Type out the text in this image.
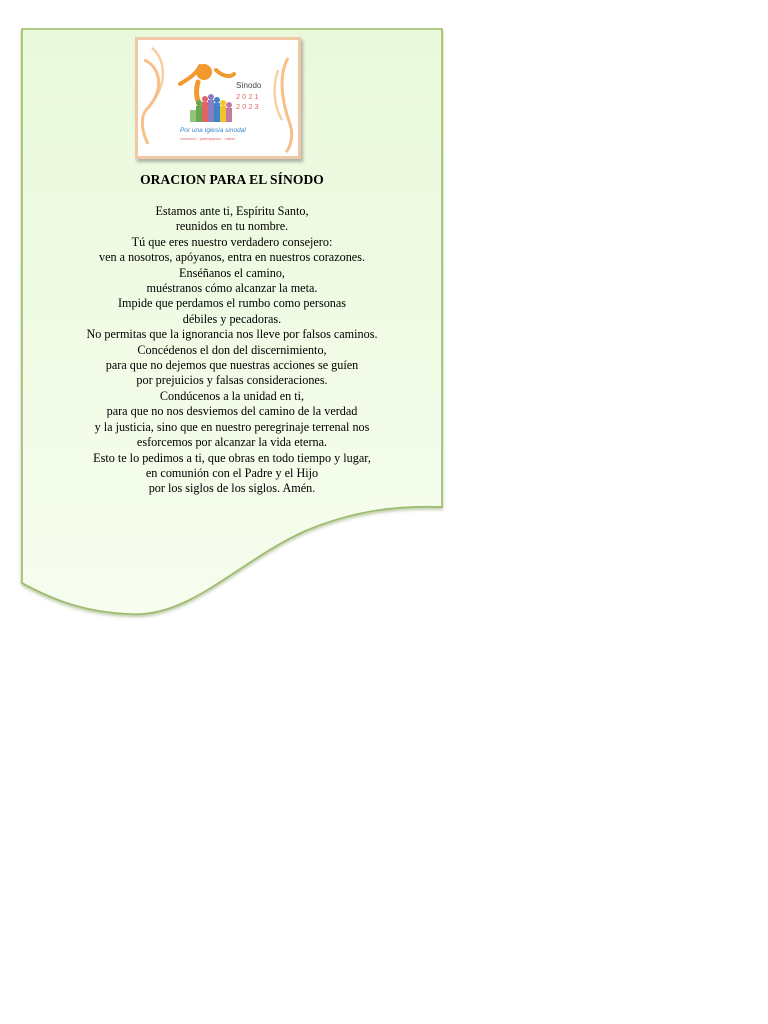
Sínodo
2021
2023
Por una Iglesia sinodal
comunión · participación · misión
ORACION PARA EL SÍNODO
Estamos ante ti, Espíritu Santo,
reunidos en tu nombre.
Tú que eres nuestro verdadero consejero:
ven a nosotros, apóyanos, entra en nuestros corazones.
Enséñanos el camino,
muéstranos cómo alcanzar la meta.
Impide que perdamos el rumbo como personas
débiles y pecadoras.
No permitas que la ignorancia nos lleve por falsos caminos.
Concédenos el don del discernimiento,
para que no dejemos que nuestras acciones se guíen
por prejuicios y falsas consideraciones.
Condúcenos a la unidad en ti,
para que no nos desviemos del camino de la verdad
y la justicia, sino que en nuestro peregrinaje terrenal nos
esforcemos por alcanzar la vida eterna.
Esto te lo pedimos a ti, que obras en todo tiempo y lugar,
en comunión con el Padre y el Hijo
por los siglos de los siglos. Amén.
